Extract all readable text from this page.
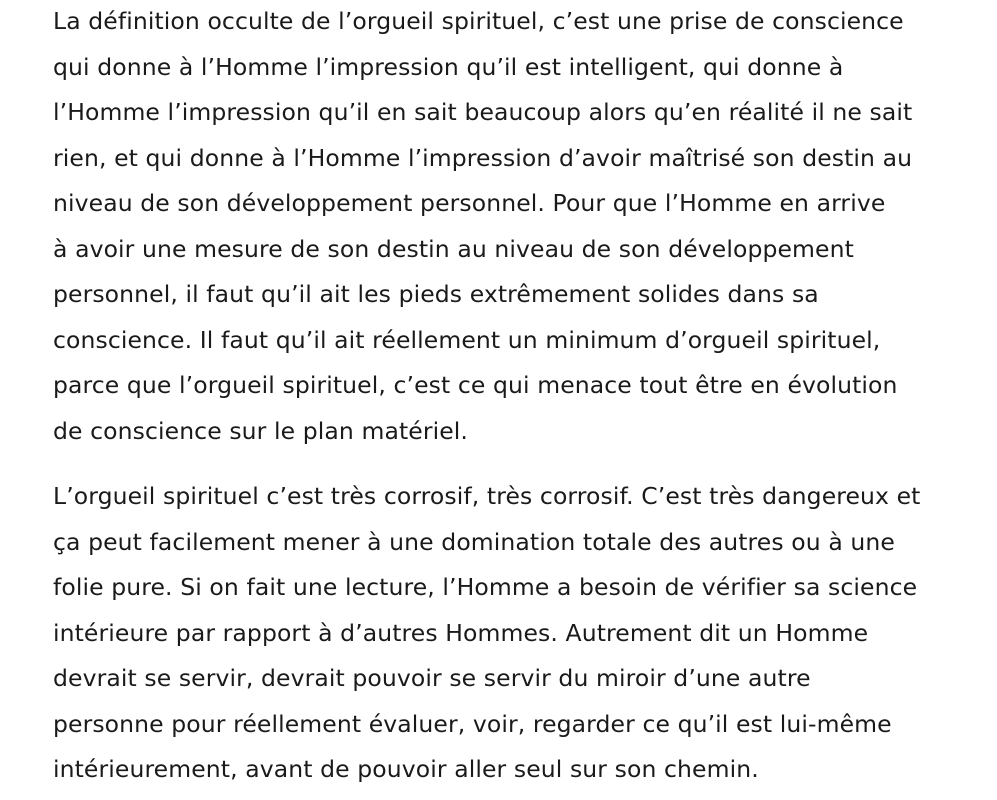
La définition occulte de l’orgueil spirituel, c’est une prise de conscience
qui donne à l’Homme l’impression qu’il est intelligent, qui donne à
l’Homme l’impression qu’il en sait beaucoup alors qu’en réalité il ne sait
rien, et qui donne à l’Homme l’impression d’avoir maîtrisé son destin au
niveau de son développement personnel. Pour que l’Homme en arrive
à avoir une mesure de son destin au niveau de son développement
personnel, il faut qu’il ait les pieds extrêmement solides dans sa
conscience. Il faut qu’il ait réellement un minimum d’orgueil spirituel,
parce que l’orgueil spirituel, c’est ce qui menace tout être en évolution
de conscience sur le plan matériel.

L’orgueil spirituel c’est très corrosif, très corrosif. C’est très dangereux et
ça peut facilement mener à une domination totale des autres ou à une
folie pure. Si on fait une lecture, l’Homme a besoin de vérifier sa science
intérieure par rapport à d’autres Hommes. Autrement dit un Homme
devrait se servir, devrait pouvoir se servir du miroir d’une autre
personne pour réellement évaluer, voir, regarder ce qu’il est lui-même
intérieurement, avant de pouvoir aller seul sur son chemin.
